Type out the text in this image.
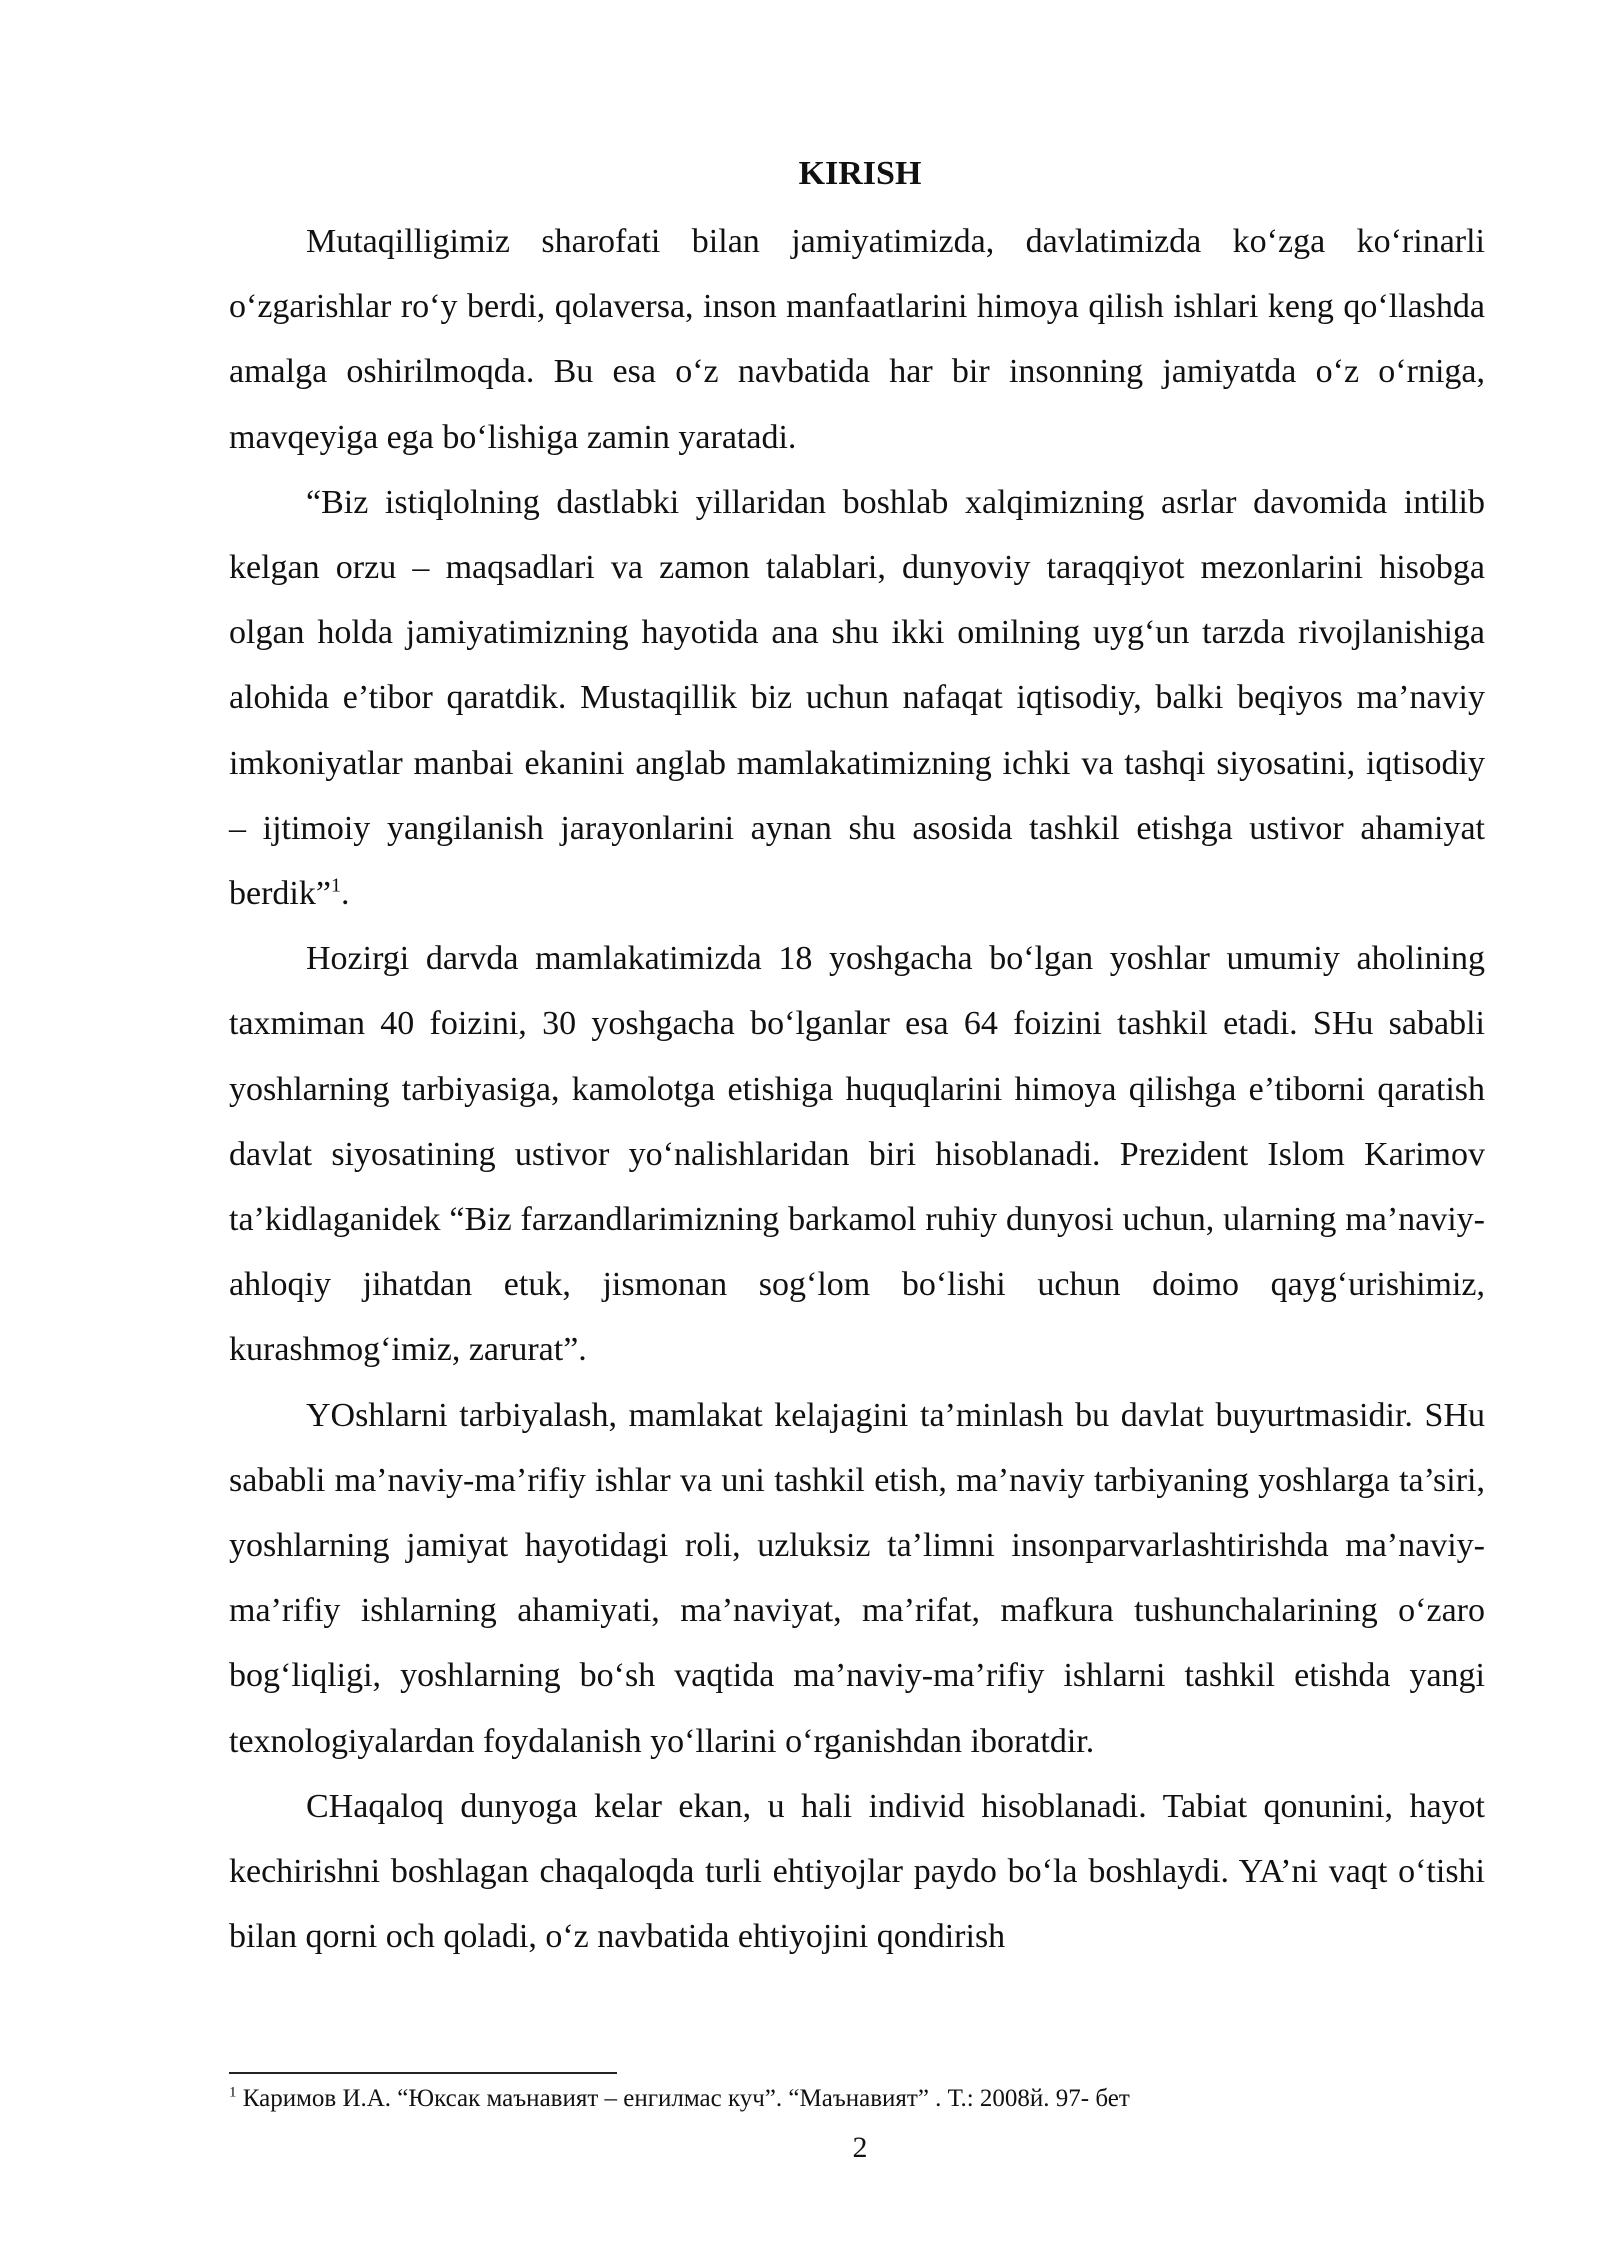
KIRISH

Mutaqilligimiz sharofati bilan jamiyatimizda, davlatimizda ko‘zga ko‘rinarli o‘zgarishlar ro‘y berdi, qolaversa, inson manfaatlarini himoya qilish ishlari keng qo‘llashda amalga oshirilmoqda. Bu esa o‘z navbatida har bir insonning jamiyatda o‘z o‘rniga, mavqeyiga ega bo‘lishiga zamin yaratadi.

“Biz istiqlolning dastlabki yillaridan boshlab xalqimizning asrlar davomida intilib kelgan orzu – maqsadlari va zamon talablari, dunyoviy taraqqiyot mezonlarini hisobga olgan holda jamiyatimizning hayotida ana shu ikki omilning uyg‘un tarzda rivojlanishiga alohida e’tibor qaratdik. Mustaqillik biz uchun nafaqat iqtisodiy, balki beqiyos ma’naviy imkoniyatlar manbai ekanini anglab mamlakatimizning ichki va tashqi siyosatini, iqtisodiy – ijtimoiy yangilanish jarayonlarini aynan shu asosida tashkil etishga ustivor ahamiyat berdik”$^1$.

Hozirgi darvda mamlakatimizda 18 yoshgacha bo‘lgan yoshlar umumiy aholining taxmiman 40 foizini, 30 yoshgacha bo‘lganlar esa 64 foizini tashkil etadi. SHu sababli yoshlarning tarbiyasiga, kamolotga etishiga huquqlarini himoya qilishga e’tiborni qaratish davlat siyosatining ustivor yo‘nalishlaridan biri hisoblanadi. Prezident Islom Karimov ta’kidlaganidek “Biz farzandlarimizning barkamol ruhiy dunyosi uchun, ularning ma’naviy-ahloqiy jihatdan etuk, jismonan sog‘lom bo‘lishi uchun doimo qayg‘urishimiz, kurashmog‘imiz, zarurat”.

YOshlarni tarbiyalash, mamlakat kelajagini ta’minlash bu davlat buyurtmasidir. SHu sababli ma’naviy-ma’rifiy ishlar va uni tashkil etish, ma’naviy tarbiyaning yoshlarga ta’siri, yoshlarning jamiyat hayotidagi roli, uzluksiz ta’limni insonparvarlashtirishda ma’naviy-ma’rifiy ishlarning ahamiyati, ma’naviyat, ma’rifat, mafkura tushunchalarining o‘zaro bog‘liqligi, yoshlarning bo‘sh vaqtida ma’naviy-ma’rifiy ishlarni tashkil etishda yangi texnologiyalardan foydalanish yo‘llarini o‘rganishdan iboratdir.

CHaqaloq dunyoga kelar ekan, u hali individ hisoblanadi. Tabiat qonunini, hayot kechirishni boshlagan chaqaloqda turli ehtiyojlar paydo bo‘la boshlaydi. YA’ni vaqt o‘tishi bilan qorni och qoladi, o‘z navbatida ehtiyojini qondirish

$^1$ Каримов И.А. “Юксак маънавият – енгилмас куч”. “Маънавият” . Т.: 2008й. 97- бет

2
